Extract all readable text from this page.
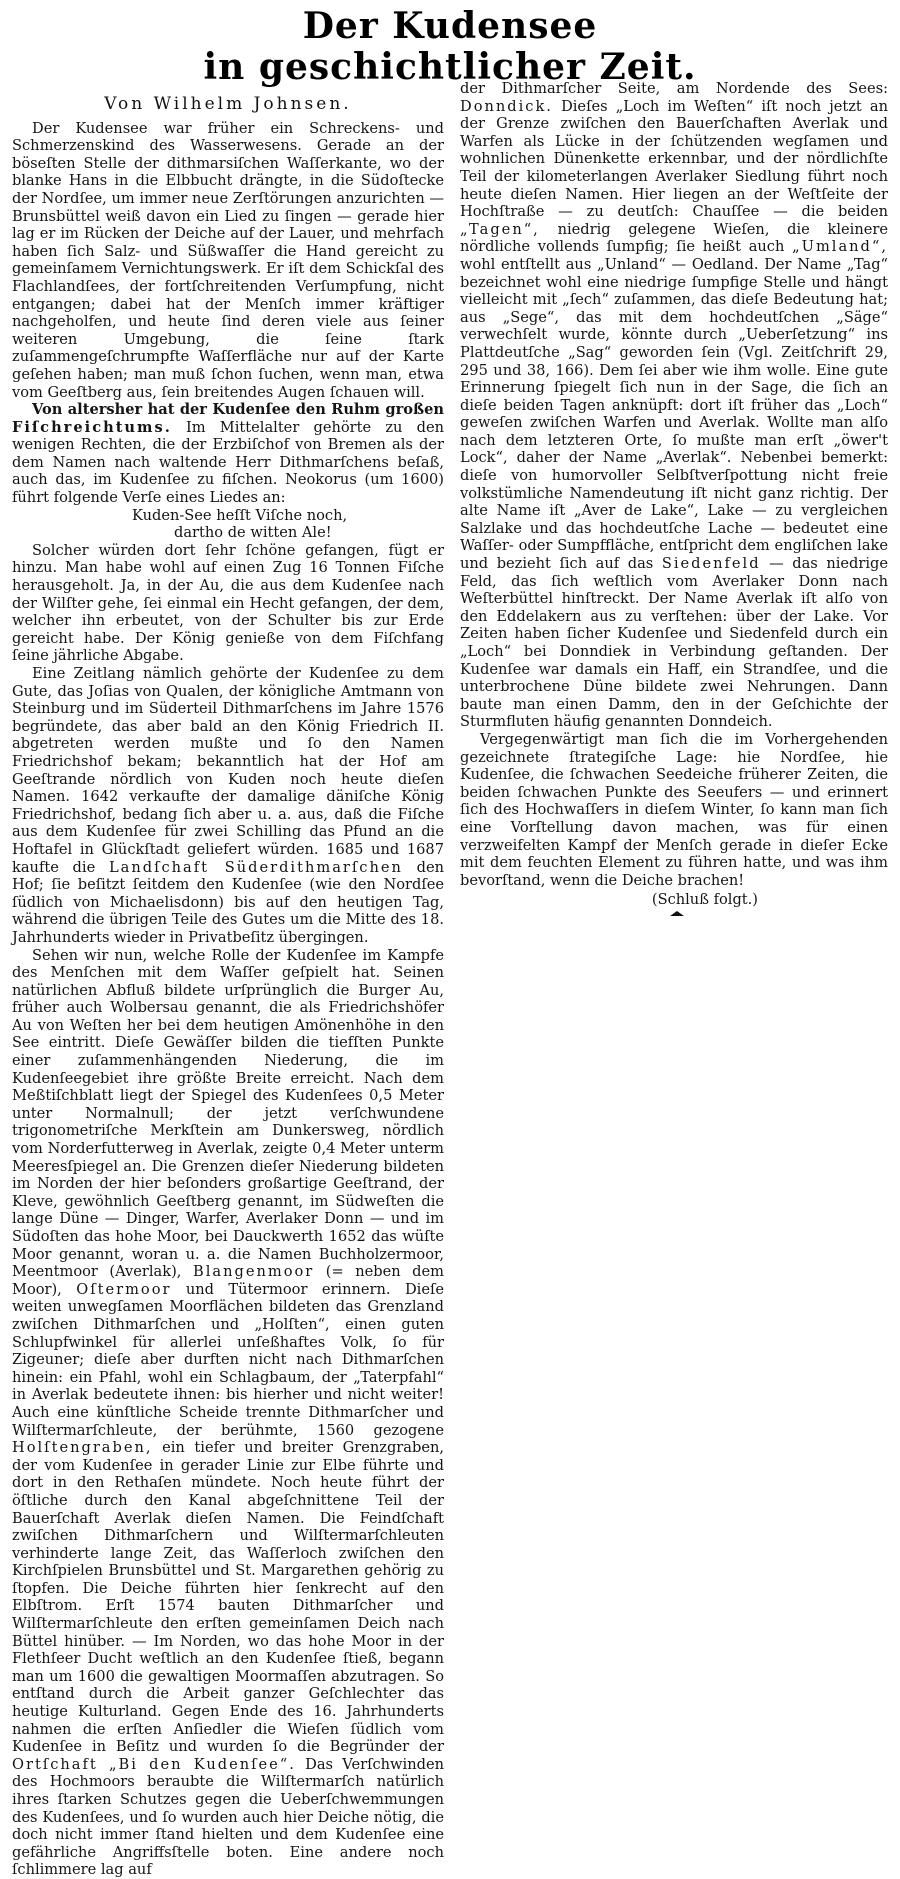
Der Kudensee
in geschichtlicher Zeit.
Von Wilhelm Johnsen.

Der Kudensee war früher ein Schreckens- und Schmerzenskind des Wasserwesens. Gerade an der böseſten Stelle der dithmarsiſchen Waſſerkante, wo der blanke Hans in die Elbbucht drängte, in die Südoſtecke der Nordſee, um immer neue Zerſtörungen anzurichten — Brunsbüttel weiß davon ein Lied zu ſingen — gerade hier lag er im Rücken der Deiche auf der Lauer, und mehrfach haben ſich Salz- und Süßwaſſer die Hand gereicht zu gemeinſamem Vernichtungswerk. Er iſt dem Schickſal des Flachlandſees, der fortſchreitenden Verſumpfung, nicht entgangen; dabei hat der Menſch immer kräftiger nachgeholfen, und heute ſind deren viele aus ſeiner weiteren Umgebung, die ſeine ſtark zuſammengeſchrumpfte Waſſerfläche nur auf der Karte geſehen haben; man muß ſchon ſuchen, wenn man, etwa vom Geeſtberg aus, ſein breitendes Augen ſchauen will.

Von altersher hat der Kudenſee den Ruhm großen Fiſchreichtums. Im Mittelalter gehörte zu den wenigen Rechten, die der Erzbiſchof von Bremen als der dem Namen nach waltende Herr Dithmarſchens beſaß, auch das, im Kudenſee zu fiſchen. Neokorus (um 1600) führt folgende Verſe eines Liedes an:

Kuden-See heſſt Viſche noch,

dartho de witten Ale!

Solcher würden dort ſehr ſchöne gefangen, fügt er hinzu. Man habe wohl auf einen Zug 16 Tonnen Fiſche herausgeholt. Ja, in der Au, die aus dem Kudenſee nach der Wilſter gehe, ſei einmal ein Hecht gefangen, der dem, welcher ihn erbeutet, von der Schulter bis zur Erde gereicht habe. Der König genieße von dem Fiſchfang ſeine jährliche Abgabe.

Eine Zeitlang nämlich gehörte der Kudenſee zu dem Gute, das Joſias von Qualen, der königliche Amtmann von Steinburg und im Süderteil Dithmarſchens im Jahre 1576 begründete, das aber bald an den König Friedrich II. abgetreten werden mußte und ſo den Namen Friedrichshof bekam; bekanntlich hat der Hof am Geeſtrande nördlich von Kuden noch heute dieſen Namen. 1642 verkaufte der damalige däniſche König Friedrichshof, bedang ſich aber u. a. aus, daß die Fiſche aus dem Kudenſee für zwei Schilling das Pfund an die Hoftafel in Glückſtadt geliefert würden. 1685 und 1687 kaufte die Landſchaft Süderdithmarſchen den Hof; ſie beſitzt ſeitdem den Kudenſee (wie den Nordſee ſüdlich von Michaelisdonn) bis auf den heutigen Tag, während die übrigen Teile des Gutes um die Mitte des 18. Jahrhunderts wieder in Privatbeſitz übergingen.

Sehen wir nun, welche Rolle der Kudenſee im Kampfe des Menſchen mit dem Waſſer geſpielt hat. Seinen natürlichen Abfluß bildete urſprünglich die Burger Au, früher auch Wolbersau genannt, die als Friedrichshöfer Au von Weſten her bei dem heutigen Amönenhöhe in den See eintritt. Dieſe Gewäſſer bilden die tiefſten Punkte einer zuſammenhängenden Niederung, die im Kudenſeegebiet ihre größte Breite erreicht. Nach dem Meßtiſchblatt liegt der Spiegel des Kudenſees 0,5 Meter unter Normalnull; der jetzt verſchwundene trigonometriſche Merkſtein am Dunkersweg, nördlich vom Norderfutterweg in Averlak, zeigte 0,4 Meter unterm Meeresſpiegel an. Die Grenzen dieſer Niederung bildeten im Norden der hier beſonders großartige Geeſtrand, der Kleve, gewöhnlich Geeſtberg genannt, im Südweſten die lange Düne — Dinger, Warfer, Averlaker Donn — und im Südoſten das hohe Moor, bei Dauckwerth 1652 das wüſte Moor genannt, woran u. a. die Namen Buchholzermoor, Meentmoor (Averlak), Blangenmoor (= neben dem Moor), Oſtermoor und Tütermoor erinnern. Dieſe weiten unwegſamen Moorflächen bildeten das Grenzland zwiſchen Dithmarſchen und „Holſten“, einen guten Schlupfwinkel für allerlei unſeßhaftes Volk, ſo für Zigeuner; dieſe aber durften nicht nach Dithmarſchen hinein: ein Pfahl, wohl ein Schlagbaum, der „Taterpfahl“ in Averlak bedeutete ihnen: bis hierher und nicht weiter! Auch eine künſtliche Scheide trennte Dithmarſcher und Wilſtermarſchleute, der berühmte, 1560 gezogene Holſtengraben, ein tiefer und breiter Grenzgraben, der vom Kudenſee in gerader Linie zur Elbe führte und dort in den Rethaſen mündete. Noch heute führt der öſtliche durch den Kanal abgeſchnittene Teil der Bauerſchaft Averlak dieſen Namen. Die Feindſchaft zwiſchen Dithmarſchern und Wilſtermarſchleuten verhinderte lange Zeit, das Waſſerloch zwiſchen den Kirchſpielen Brunsbüttel und St. Margarethen gehörig zu ſtopfen. Die Deiche führten hier ſenkrecht auf den Elbſtrom. Erſt 1574 bauten Dithmarſcher und Wilſtermarſchleute den erſten gemeinſamen Deich nach Büttel hinüber. — Im Norden, wo das hohe Moor in der Flethſeer Ducht weſtlich an den Kudenſee ſtieß, begann man um 1600 die gewaltigen Moormaſſen abzutragen. So entſtand durch die Arbeit ganzer Geſchlechter das heutige Kulturland. Gegen Ende des 16. Jahrhunderts nahmen die erſten Anſiedler die Wieſen ſüdlich vom Kudenſee in Beſitz und wurden ſo die Begründer der Ortſchaft „Bi den Kudenſee“. Das Verſchwinden des Hochmoors beraubte die Wilſtermarſch natürlich ihres ſtarken Schutzes gegen die Ueberſchwemmungen des Kudenſees, und ſo wurden auch hier Deiche nötig, die doch nicht immer ſtand hielten und dem Kudenſee eine gefährliche Angriffsſtelle boten. Eine andere noch ſchlimmere lag auf

der Dithmarſcher Seite, am Nordende des Sees: Donndick. Dieſes „Loch im Weſten“ iſt noch jetzt an der Grenze zwiſchen den Bauerſchaften Averlak und Warfen als Lücke in der ſchützenden wegſamen und wohnlichen Dünenkette erkennbar, und der nördlichſte Teil der kilometerlangen Averlaker Siedlung führt noch heute dieſen Namen. Hier liegen an der Weſtſeite der Hochſtraße — zu deutſch: Chauſſee — die beiden „Tagen“, niedrig gelegene Wieſen, die kleinere nördliche vollends ſumpfig; ſie heißt auch „Umland“, wohl entſtellt aus „Unland“ — Oedland. Der Name „Tag“ bezeichnet wohl eine niedrige ſumpfige Stelle und hängt vielleicht mit „ſech“ zuſammen, das dieſe Bedeutung hat; aus „Sege“, das mit dem hochdeutſchen „Säge“ verwechſelt wurde, könnte durch „Ueberſetzung“ ins Plattdeutſche „Sag“ geworden ſein (Vgl. Zeitſchrift 29, 295 und 38, 166). Dem ſei aber wie ihm wolle. Eine gute Erinnerung ſpiegelt ſich nun in der Sage, die ſich an dieſe beiden Tagen anknüpft: dort iſt früher das „Loch“ geweſen zwiſchen Warfen und Averlak. Wollte man alſo nach dem letzteren Orte, ſo mußte man erſt „öwer't Lock“, daher der Name „Averlak“. Nebenbei bemerkt: dieſe von humorvoller Selbſtverſpottung nicht freie volkstümliche Namendeutung iſt nicht ganz richtig. Der alte Name iſt „Aver de Lake“, Lake — zu vergleichen Salzlake und das hochdeutſche Lache — bedeutet eine Waſſer- oder Sumpffläche, entſpricht dem engliſchen lake und bezieht ſich auf das Siedenfeld — das niedrige Feld, das ſich weſtlich vom Averlaker Donn nach Weſterbüttel hinſtreckt. Der Name Averlak iſt alſo von den Eddelakern aus zu verſtehen: über der Lake. Vor Zeiten haben ſicher Kudenſee und Siedenfeld durch ein „Loch“ bei Donndiek in Verbindung geſtanden. Der Kudenſee war damals ein Haff, ein Strandſee, und die unterbrochene Düne bildete zwei Nehrungen. Dann baute man einen Damm, den in der Geſchichte der Sturmfluten häufig genannten Donndeich.

Vergegenwärtigt man ſich die im Vorhergehenden gezeichnete ſtrategiſche Lage: hie Nordſee, hie Kudenſee, die ſchwachen Seedeiche früherer Zeiten, die beiden ſchwachen Punkte des Seeufers — und erinnert ſich des Hochwaſſers in dieſem Winter, ſo kann man ſich eine Vorſtellung davon machen, was für einen verzweifelten Kampf der Menſch gerade in dieſer Ecke mit dem feuchten Element zu führen hatte, und was ihm bevorſtand, wenn die Deiche brachen!

(Schluß folgt.)
